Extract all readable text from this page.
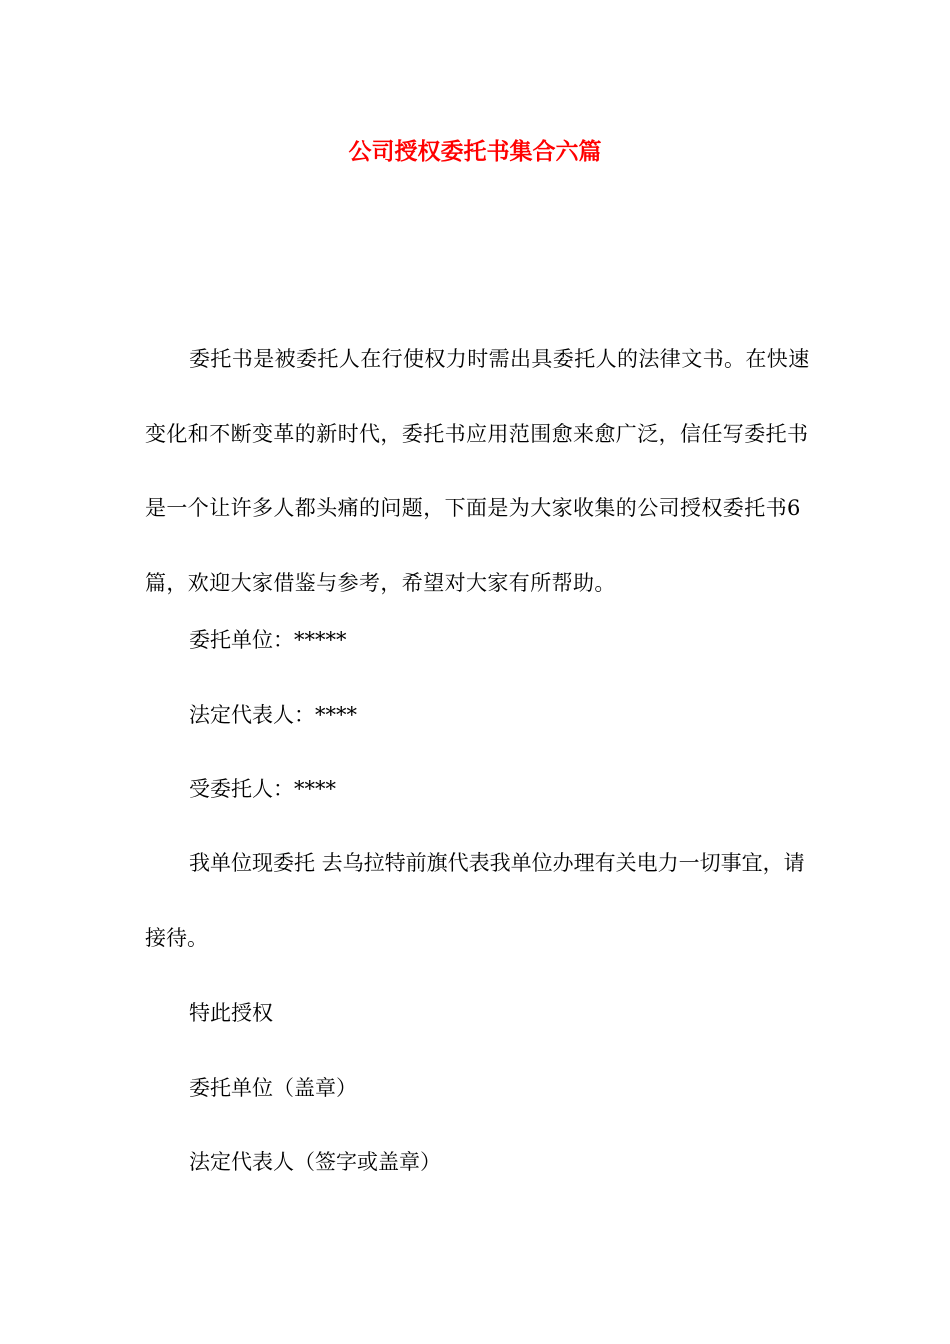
公司授权委托书集合六篇

委托书是被委托人在行使权力时需出具委托人的法律文书。在快速变化和不断变革的新时代，委托书应用范围愈来愈广泛，信任写委托书是一个让许多人都头痛的问题，下面是为大家收集的公司授权委托书6篇，欢迎大家借鉴与参考，希望对大家有所帮助。

委托单位：*****

法定代表人：****

受委托人：****

我单位现委托 去乌拉特前旗代表我单位办理有关电力一切事宜，请接待。

特此授权

委托单位（盖章）

法定代表人（签字或盖章）
